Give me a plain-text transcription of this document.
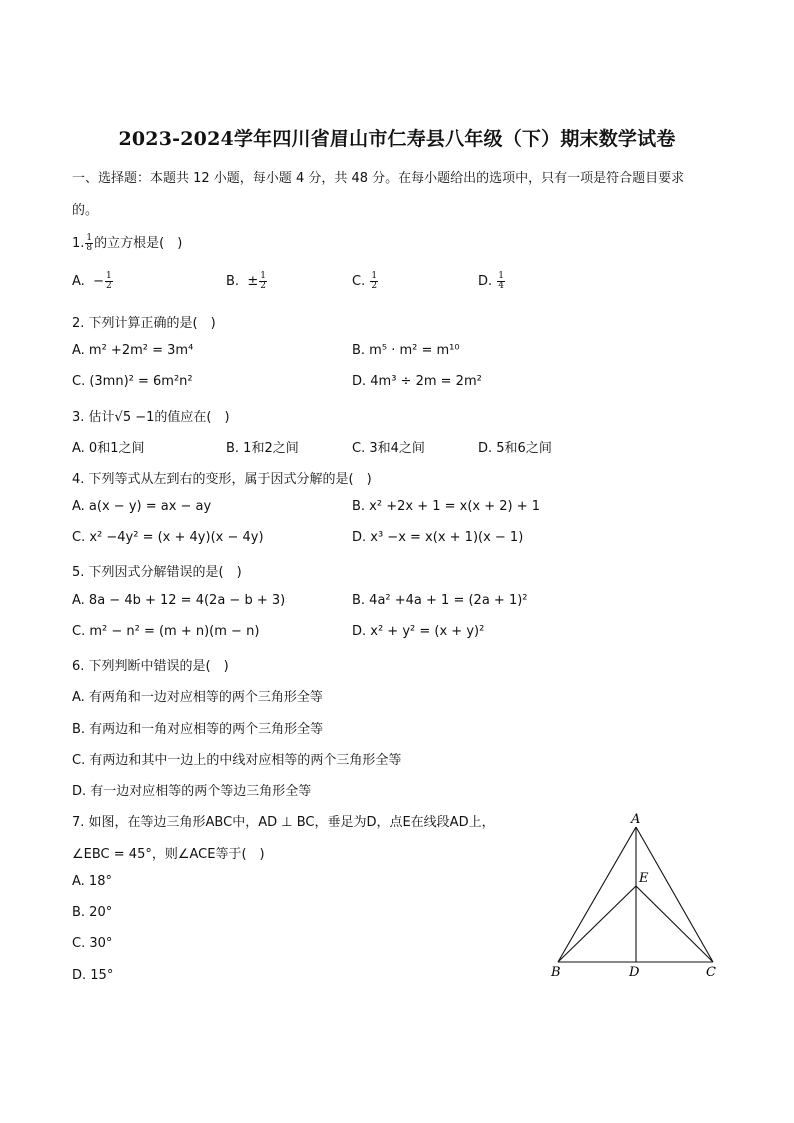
2023-2024学年四川省眉山市仁寿县八年级（下）期末数学试卷
一、选择题：本题共 12 小题，每小题 4 分，共 48 分。在每小题给出的选项中，只有一项是符合题目要求
的。
1. $\frac{1}{8}$ 的立方根是(　)
A. − $\frac{1}{2}$	B. ± $\frac{1}{2}$	C. $\frac{1}{2}$	D. $\frac{1}{4}$
2. 下列计算正确的是(　)
A. m² +2m² = 3m⁴	B. m⁵ · m² = m¹⁰
C. (3mn)² = 6m²n²	D. 4m³ ÷ 2m = 2m²
3. 估计√5 −1的值应在(　)
A. 0和1之间	B. 1和2之间	C. 3和4之间	D. 5和6之间
4. 下列等式从左到右的变形，属于因式分解的是(　)
A. a(x − y) = ax − ay	B. x² +2x + 1 = x(x + 2) + 1
C. x² −4y² = (x + 4y)(x − 4y)	D. x³ −x = x(x + 1)(x − 1)
5. 下列因式分解错误的是(　)
A. 8a − 4b + 12 = 4(2a − b + 3)	B. 4a² +4a + 1 = (2a + 1)²
C. m² − n² = (m + n)(m − n)	D. x² + y² = (x + y)²
6. 下列判断中错误的是(　)
A. 有两角和一边对应相等的两个三角形全等
B. 有两边和一角对应相等的两个三角形全等
C. 有两边和其中一边上的中线对应相等的两个三角形全等
D. 有一边对应相等的两个等边三角形全等
7. 如图，在等边三角形ABC中，AD ⊥ BC，垂足为D，点E在线段AD上，
∠EBC = 45°，则∠ACE等于(　)
A. 18°
B. 20°
C. 30°
D. 15°
A
E
B	D	C
